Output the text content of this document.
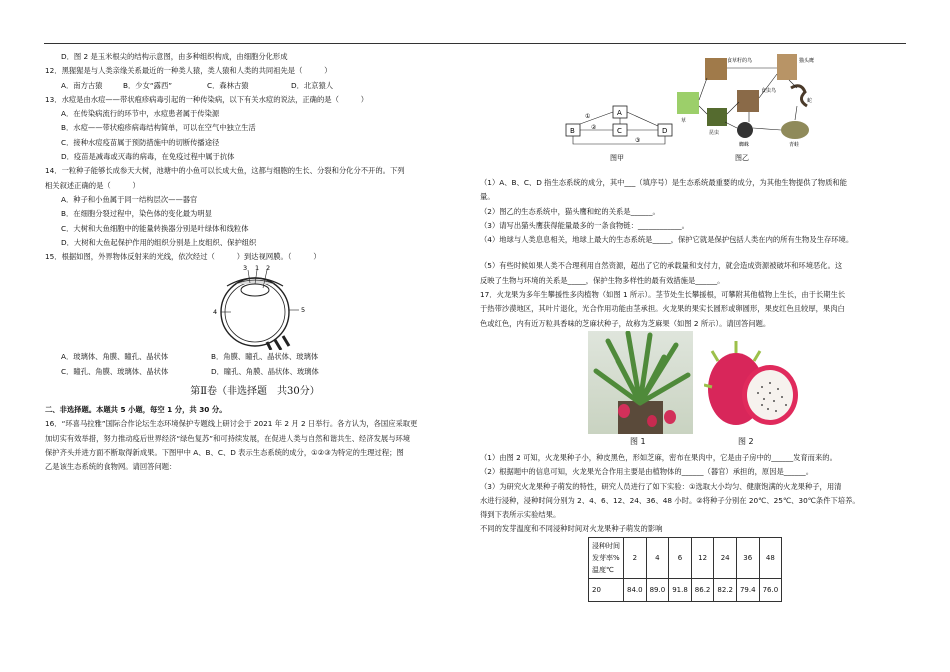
D．图 2 是玉米根尖的结构示意图，由多种组织构成，由细胞分化形成
12．黑猩猩是与人类亲缘关系最近的一种类人猿，类人猿和人类的共同祖先是（　　　）
A．南方古猿	B．少女“露西”	C．森林古猿	D．北京猿人
13．水痘是由水痘——带状疱疹病毒引起的一种传染病，以下有关水痘的说法，正确的是（　　　）
A．在传染病流行的环节中，水痘患者属于传染源
B．水痘——带状疱疹病毒结构简单，可以在空气中独立生活
C．接种水痘疫苗属于预防措施中的切断传播途径
D．疫苗是减毒或灭毒的病毒，在免疫过程中属于抗体
14．一粒种子能够长成参天大树，池塘中的小鱼可以长成大鱼，这都与细胞的生长、分裂和分化分不开的。下列
相关叙述正确的是（　　　）
A．种子和小鱼属于同一结构层次——器官
B．在细胞分裂过程中，染色体的变化最为明显
C．大树和大鱼细胞中的能量转换器分别是叶绿体和线粒体
D．大树和大鱼起保护作用的组织分别是上皮组织、保护组织
15．根据如图，外界物体反射来的光线，依次经过（　　　）到达视网膜。（　　　）
3 1 2
4	5
A．玻璃体、角膜、瞳孔、晶状体	B．角膜、瞳孔、晶状体、玻璃体
C．瞳孔、角膜、玻璃体、晶状体	D．瞳孔、角膜、晶状体、玻璃体
第Ⅱ卷（非选择题　共30分）
二、非选择题。本题共 5 小题，每空 1 分，共 30 分。
16．“环喜马拉雅”国际合作论坛生态环境保护专题线上研讨会于 2021 年 2 月 2 日举行。各方认为，各国应采取更
加切实有效举措，努力推动疫后世界经济“绿色复苏”和可持续发展，在促进人类与自然和谐共生、经济发展与环境
保护齐头并进方面不断取得新成果。下图甲中 A、B、C、D 表示生态系统的成分，①②③为特定的生理过程；图
乙是该生态系统的食物网。请回答问题：
A
B	C	D
①
②
③
图甲
食草籽的鸟	猫头鹰
草
食虫鸟
昆虫
蜘蛛	青蛙
蛇
图乙
（1）A、B、C、D 指生态系统的成分，其中___（填序号）是生态系统最重要的成分，为其他生物提供了物质和能
量。
（2）图乙的生态系统中，猫头鹰和蛇的关系是______。
（3）请写出猫头鹰获得能量最多的一条食物链：____________。
（4）地球与人类息息相关，地球上最大的生态系统是_____，保护它就是保护包括人类在内的所有生物及生存环境。
（5）有些时候如果人类不合理利用自然资源，超出了它的承载量和支付力，就会造成资源被破坏和环境恶化。这
反映了生物与环境的关系是_____，保护生物多样性的最有效措施是______。
17．火龙果为多年生攀援性多肉植物（如图 1 所示）。茎节处生长攀援根，可攀附其他植物上生长，由于长期生长
于热带沙漠地区，其叶片退化，光合作用功能由茎承担。火龙果的果实长圆形或卵圆形，果皮红色且较厚，果肉白
色或红色，内有近万粒具香味的芝麻状种子，故称为芝麻果（如图 2 所示）。请回答问题。
图 1	图 2
（1）由图 2 可知，火龙果种子小，种皮黑色，形如芝麻，密布在果肉中，它是由子房中的______发育而来的。
（2）根据题中的信息可知，火龙果光合作用主要是由植物体的______（器官）承担的，原因是______。
（3）为研究火龙果种子萌发的特性，研究人员进行了如下实验：①选取大小均匀、健康饱满的火龙果种子，用清
水进行浸种，浸种时间分别为 2、4、6、12、24、36、48 小时。②将种子分别在 20℃、25℃、30℃条件下培养。
得到下表所示实验结果。
不同的发芽温度和不同浸种时间对火龙果种子萌发的影响
浸种时间
发芽率%
温度℃	2	4	6	12	24	36	48
20	84.0	89.0	91.8	86.2	82.2	79.4	76.0
